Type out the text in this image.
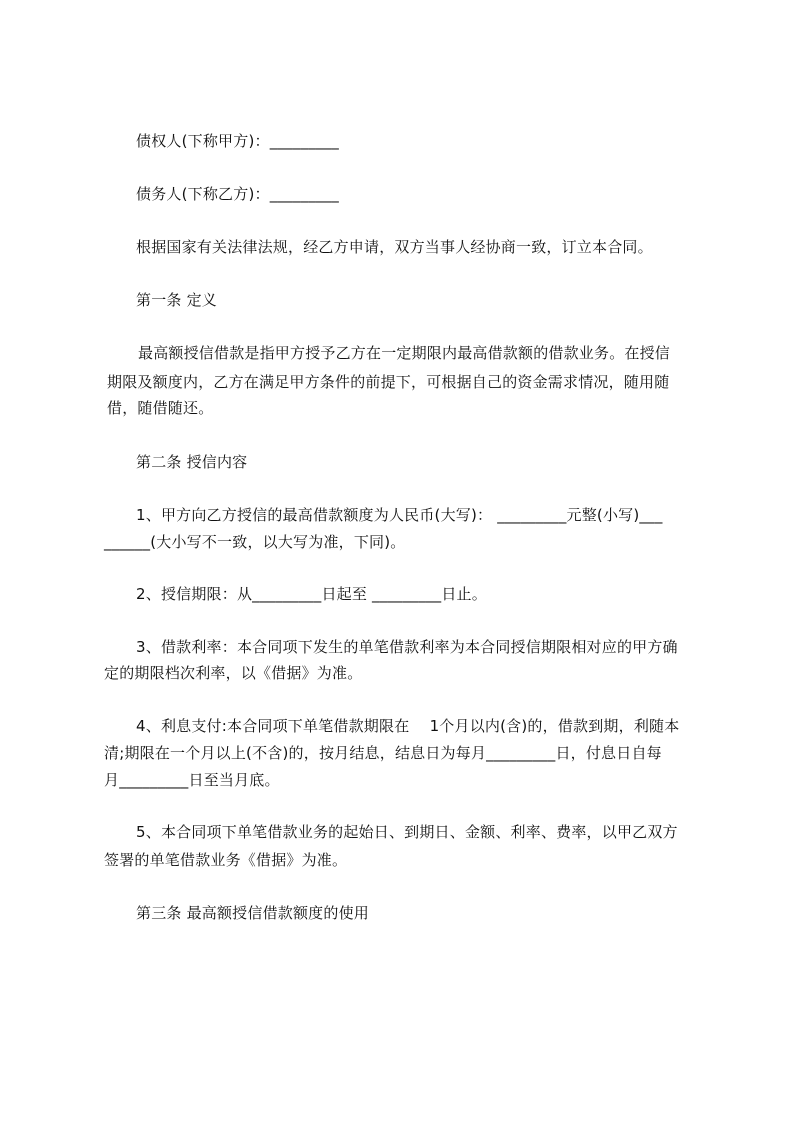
债权人(下称甲方)：_________
债务人(下称乙方)：_________
根据国家有关法律法规，经乙方申请，双方当事人经协商一致，订立本合同。
第一条 定义
最高额授信借款是指甲方授予乙方在一定期限内最高借款额的借款业务。在授信
期限及额度内，乙方在满足甲方条件的前提下，可根据自己的资金需求情况，随用随
借，随借随还。
第二条 授信内容
1、甲方向乙方授信的最高借款额度为人民币(大写)： _________元整(小写)___
______(大小写不一致，以大写为准，下同)。
2、授信期限：从_________日起至 _________日止。
3、借款利率：本合同项下发生的单笔借款利率为本合同授信期限相对应的甲方确
定的期限档次利率，以《借据》为准。
4、利息支付:本合同项下单笔借款期限在　 1个月以内(含)的，借款到期，利随本
清;期限在一个月以上(不含)的，按月结息，结息日为每月_________日，付息日自每
月_________日至当月底。
5、本合同项下单笔借款业务的起始日、到期日、金额、利率、费率，以甲乙双方
签署的单笔借款业务《借据》为准。
第三条 最高额授信借款额度的使用
